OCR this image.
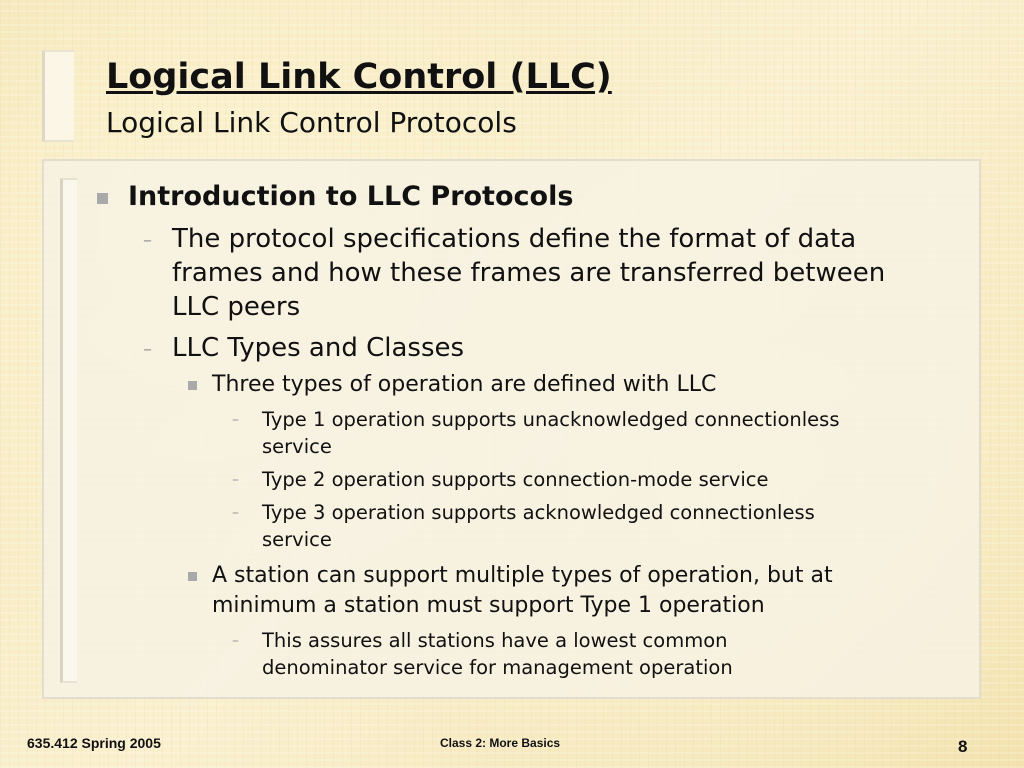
Logical Link Control (LLC)
Logical Link Control Protocols
Introduction to LLC Protocols
– The protocol specifications define the format of data
frames and how these frames are transferred between
LLC peers
– LLC Types and Classes
Three types of operation are defined with LLC
– Type 1 operation supports unacknowledged connectionless
service
– Type 2 operation supports connection-mode service
– Type 3 operation supports acknowledged connectionless
service
A station can support multiple types of operation, but at
minimum a station must support Type 1 operation
– This assures all stations have a lowest common
denominator service for management operation
635.412 Spring 2005	Class 2: More Basics	8
